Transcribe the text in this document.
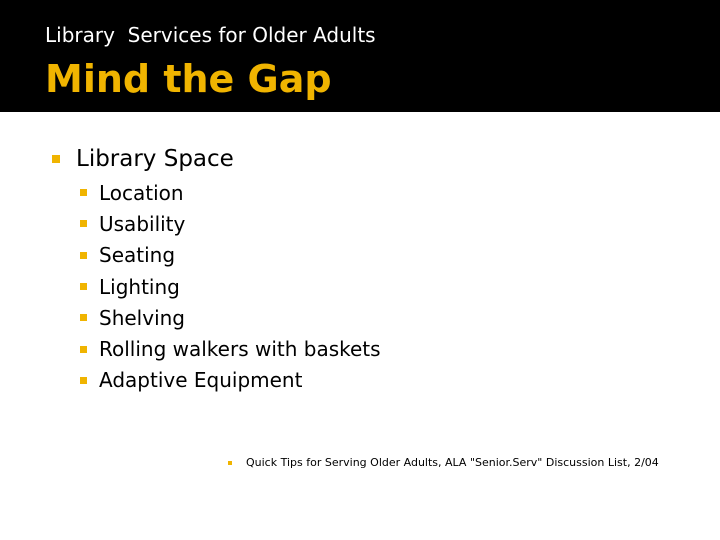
Library  Services for Older Adults
Mind the Gap
Library Space
Location
Usability
Seating
Lighting
Shelving
Rolling walkers with baskets
Adaptive Equipment
Quick Tips for Serving Older Adults, ALA "Senior.Serv" Discussion List, 2/04
